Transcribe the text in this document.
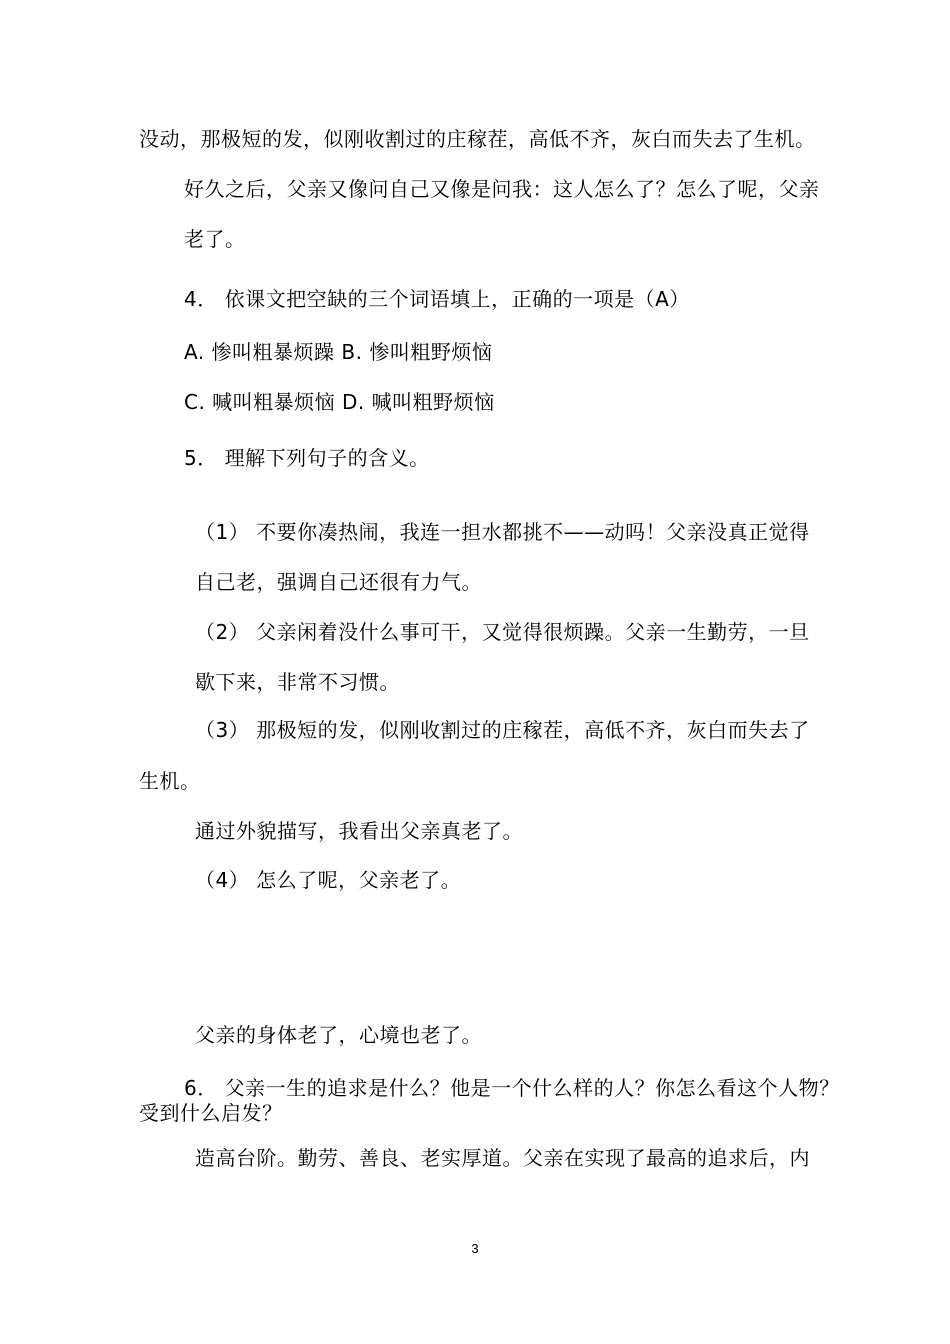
没动，那极短的发，似刚收割过的庄稼茬，高低不齐，灰白而失去了生机。
好久之后，父亲又像问自己又像是问我：这人怎么了？怎么了呢，父亲
老了。
4． 依课文把空缺的三个词语填上，正确的一项是（A）
A. 惨叫粗暴烦躁 B. 惨叫粗野烦恼
C. 喊叫粗暴烦恼 D. 喊叫粗野烦恼
5． 理解下列句子的含义。
（1） 不要你凑热闹，我连一担水都挑不——动吗！父亲没真正觉得
自己老，强调自己还很有力气。
（2） 父亲闲着没什么事可干，又觉得很烦躁。父亲一生勤劳，一旦
歇下来，非常不习惯。
（3） 那极短的发，似刚收割过的庄稼茬，高低不齐，灰白而失去了
生机。
通过外貌描写，我看出父亲真老了。
（4） 怎么了呢，父亲老了。
父亲的身体老了，心境也老了。
6． 父亲一生的追求是什么？他是一个什么样的人？你怎么看这个人物？
受到什么启发？
造高台阶。勤劳、善良、老实厚道。父亲在实现了最高的追求后，内
3
